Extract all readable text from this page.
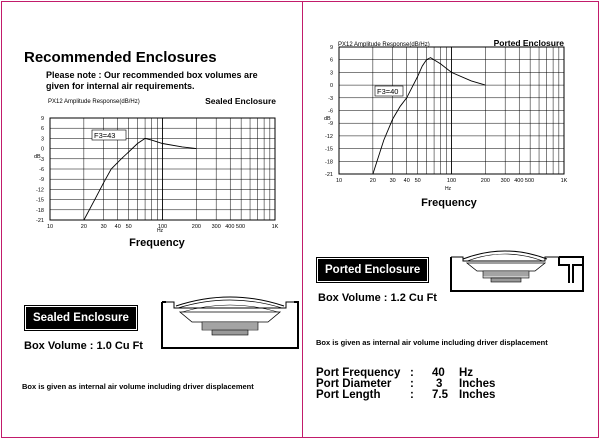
Recommended Enclosures
Please note : Our recommended box volumes are given for internal air requirements.
PX12 Amplitude Response(dB/Hz)	Sealed Enclosure
dB
9
6
3
0
-3
-6
-9
-12
-15
-18
-21
10	20 30 40 50	100	200 300 400 500	1K
F3=43
Hz
Frequency
Sealed Enclosure
Box Volume : 1.0 Cu Ft
Box is given as internal air volume including driver displacement
PX12 Amplitude Response(dB/Hz)	Ported Enclosure
dB
9
6
3
0
-3
-6
-9
-12
-15
-18
-21
10	20 30 40 50	100	200 300 400 500	1K
F3=40
Hz
Frequency
Ported Enclosure
Box Volume : 1.2 Cu Ft
Box is given as internal air volume including driver displacement
Port Frequency : 40 Hz
Port Diameter : 3 Inches
Port Length	: 7.5 Inches
